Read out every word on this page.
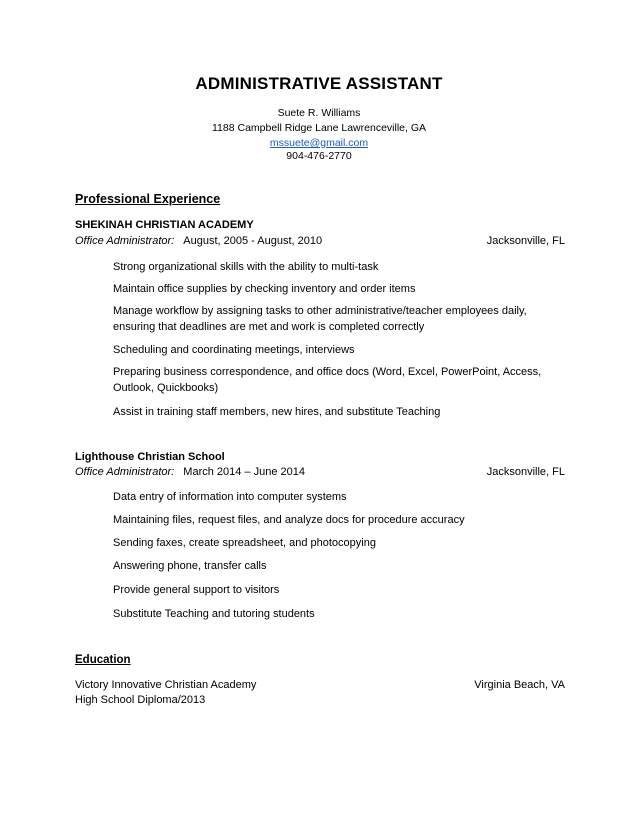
ADMINISTRATIVE ASSISTANT
Suete R. Williams
1188 Campbell Ridge Lane Lawrenceville, GA
mssuete@gmail.com
904-476-2770
Professional Experience
SHEKINAH CHRISTIAN ACADEMY
Office Administrator: August, 2005 - August, 2010	Jacksonville, FL
Strong organizational skills with the ability to multi-task
Maintain office supplies by checking inventory and order items
Manage workflow by assigning tasks to other administrative/teacher employees daily, ensuring that deadlines are met and work is completed correctly
Scheduling and coordinating meetings, interviews
Preparing business correspondence, and office docs (Word, Excel, PowerPoint, Access, Outlook, Quickbooks)
Assist in training staff members, new hires, and substitute Teaching
Lighthouse Christian School
Office Administrator: March 2014 – June 2014	Jacksonville, FL
Data entry of information into computer systems
Maintaining files, request files, and analyze docs for procedure accuracy
Sending faxes, create spreadsheet, and photocopying
Answering phone, transfer calls
Provide general support to visitors
Substitute Teaching and tutoring students
Education
Victory Innovative Christian Academy	Virginia Beach, VA
High School Diploma/2013
